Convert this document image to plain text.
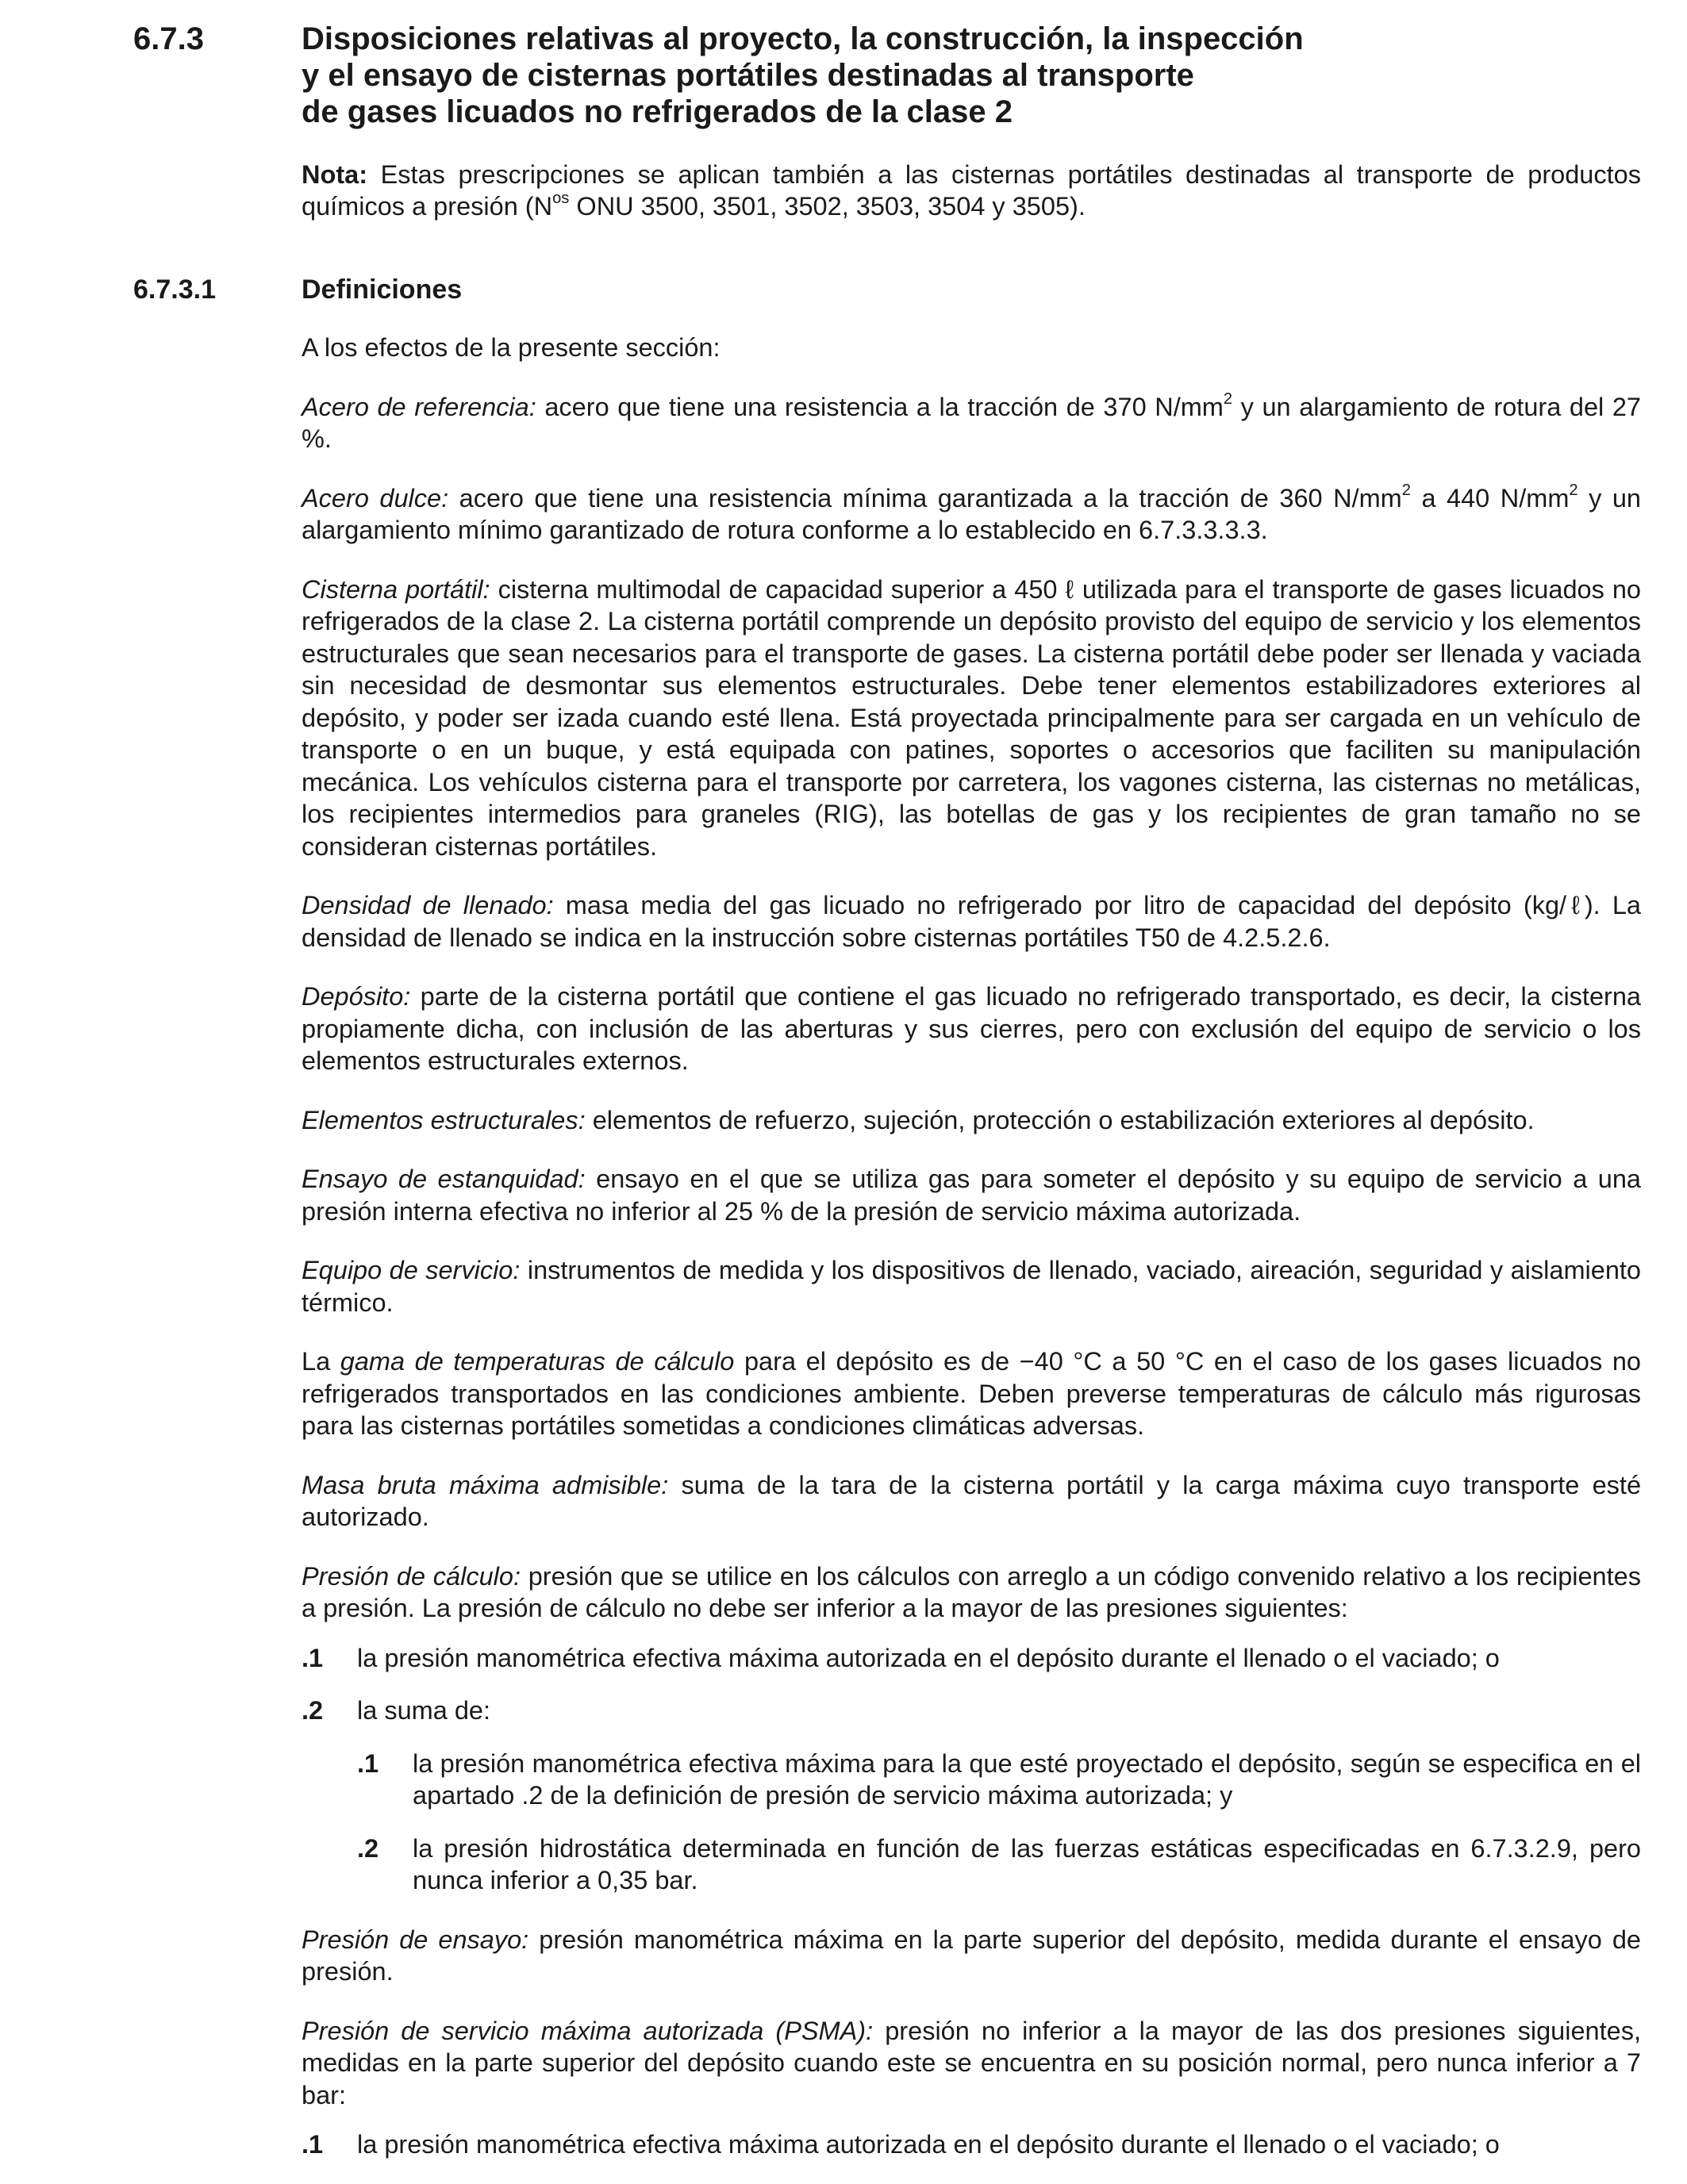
6.7.3	Disposiciones relativas al proyecto, la construcción, la inspección
y el ensayo de cisternas portátiles destinadas al transporte
de gases licuados no refrigerados de la clase 2
Nota: Estas prescripciones se aplican también a las cisternas portátiles destinadas al transporte de productos químicos a presión ($N^{os}$ ONU 3500, 3501, 3502, 3503, 3504 y 3505).
6.7.3.1	Definiciones

A los efectos de la presente sección:

Acero de referencia: acero que tiene una resistencia a la tracción de 370 $N/mm^2$ y un alargamiento de rotura del 27 %.

Acero dulce: acero que tiene una resistencia mínima garantizada a la tracción de 360 $N/mm^2$ a 440 $N/mm^2$ y un alargamiento mínimo garantizado de rotura conforme a lo establecido en 6.7.3.3.3.3.

Cisterna portátil: cisterna multimodal de capacidad superior a 450 ℓ utilizada para el transporte de gases licuados no refrigerados de la clase 2. La cisterna portátil comprende un depósito provisto del equipo de servicio y los elementos estructurales que sean necesarios para el transporte de gases. La cisterna portátil debe poder ser llenada y vaciada sin necesidad de desmontar sus elementos estructurales. Debe tener elementos estabilizadores exteriores al depósito, y poder ser izada cuando esté llena. Está proyectada principalmente para ser cargada en un vehículo de transporte o en un buque, y está equipada con patines, soportes o accesorios que faciliten su manipulación mecánica. Los vehículos cisterna para el transporte por carretera, los vagones cisterna, las cisternas no metálicas, los recipientes intermedios para graneles (RIG), las botellas de gas y los recipientes de gran tamaño no se consideran cisternas portátiles.

Densidad de llenado: masa media del gas licuado no refrigerado por litro de capacidad del depósito (kg/ℓ). La densidad de llenado se indica en la instrucción sobre cisternas portátiles T50 de 4.2.5.2.6.

Depósito: parte de la cisterna portátil que contiene el gas licuado no refrigerado transportado, es decir, la cisterna propiamente dicha, con inclusión de las aberturas y sus cierres, pero con exclusión del equipo de servicio o los elementos estructurales externos.

Elementos estructurales: elementos de refuerzo, sujeción, protección o estabilización exteriores al depósito.

Ensayo de estanquidad: ensayo en el que se utiliza gas para someter el depósito y su equipo de servicio a una presión interna efectiva no inferior al 25 % de la presión de servicio máxima autorizada.

Equipo de servicio: instrumentos de medida y los dispositivos de llenado, vaciado, aireación, seguridad y aislamiento térmico.

La gama de temperaturas de cálculo para el depósito es de −40 °C a 50 °C en el caso de los gases licuados no refrigerados transportados en las condiciones ambiente. Deben preverse temperaturas de cálculo más rigurosas para las cisternas portátiles sometidas a condiciones climáticas adversas.

Masa bruta máxima admisible: suma de la tara de la cisterna portátil y la carga máxima cuyo transporte esté autorizado.

Presión de cálculo: presión que se utilice en los cálculos con arreglo a un código convenido relativo a los recipientes a presión. La presión de cálculo no debe ser inferior a la mayor de las presiones siguientes:

.1 la presión manométrica efectiva máxima autorizada en el depósito durante el llenado o el vaciado; o
.2 la suma de:
.1 la presión manométrica efectiva máxima para la que esté proyectado el depósito, según se especifica en el apartado .2 de la definición de presión de servicio máxima autorizada; y
.2 la presión hidrostática determinada en función de las fuerzas estáticas especificadas en 6.7.3.2.9, pero nunca inferior a 0,35 bar.

Presión de ensayo: presión manométrica máxima en la parte superior del depósito, medida durante el ensayo de presión.

Presión de servicio máxima autorizada (PSMA): presión no inferior a la mayor de las dos presiones siguientes, medidas en la parte superior del depósito cuando este se encuentra en su posición normal, pero nunca inferior a 7 bar:

.1 la presión manométrica efectiva máxima autorizada en el depósito durante el llenado o el vaciado; o
